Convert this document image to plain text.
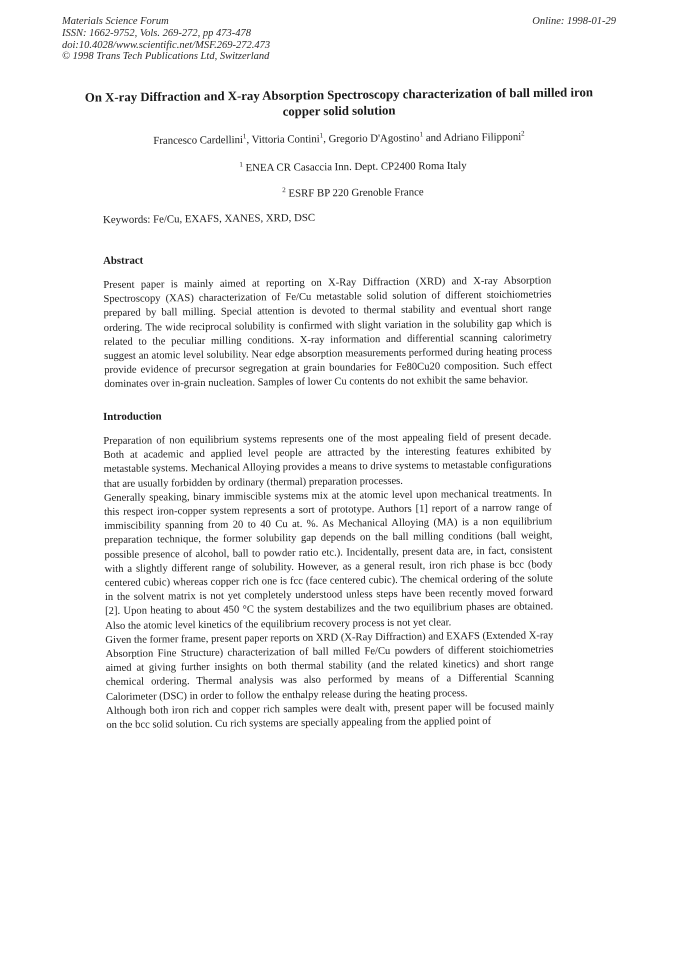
Materials Science Forum
ISSN: 1662-9752, Vols. 269-272, pp 473-478
doi:10.4028/www.scientific.net/MSF.269-272.473
© 1998 Trans Tech Publications Ltd, Switzerland
Online: 1998-01-29
On X-ray Diffraction and X-ray Absorption Spectroscopy characterization of ball milled iron copper solid solution
Francesco Cardellini$^1$, Vittoria Contini$^1$, Gregorio D'Agostino$^1$ and Adriano Filipponi$^2$
$^1$ ENEA CR Casaccia Inn. Dept. CP2400 Roma Italy
$^2$ ESRF BP 220 Grenoble France
Keywords: Fe/Cu, EXAFS, XANES, XRD, DSC
Abstract

Present paper is mainly aimed at reporting on X-Ray Diffraction (XRD) and X-ray Absorption Spectroscopy (XAS) characterization of Fe/Cu metastable solid solution of different stoichiometries prepared by ball milling. Special attention is devoted to thermal stability and eventual short range ordering. The wide reciprocal solubility is confirmed with slight variation in the solubility gap which is related to the peculiar milling conditions. X-ray information and differential scanning calorimetry suggest an atomic level solubility. Near edge absorption measurements performed during heating process provide evidence of precursor segregation at grain boundaries for Fe80Cu20 composition. Such effect dominates over in-grain nucleation. Samples of lower Cu contents do not exhibit the same behavior.

Introduction

Preparation of non equilibrium systems represents one of the most appealing field of present decade. Both at academic and applied level people are attracted by the interesting features exhibited by metastable systems. Mechanical Alloying provides a means to drive systems to metastable configurations that are usually forbidden by ordinary (thermal) preparation processes.

Generally speaking, binary immiscible systems mix at the atomic level upon mechanical treatments. In this respect iron-copper system represents a sort of prototype. Authors [1] report of a narrow range of immiscibility spanning from 20 to 40 Cu at. %. As Mechanical Alloying (MA) is a non equilibrium preparation technique, the former solubility gap depends on the ball milling conditions (ball weight, possible presence of alcohol, ball to powder ratio etc.). Incidentally, present data are, in fact, consistent with a slightly different range of solubility. However, as a general result, iron rich phase is bcc (body centered cubic) whereas copper rich one is fcc (face centered cubic). The chemical ordering of the solute in the solvent matrix is not yet completely understood unless steps have been recently moved forward [2]. Upon heating to about 450 °C the system destabilizes and the two equilibrium phases are obtained. Also the atomic level kinetics of the equilibrium recovery process is not yet clear.

Given the former frame, present paper reports on XRD (X-Ray Diffraction) and EXAFS (Extended X-ray Absorption Fine Structure) characterization of ball milled Fe/Cu powders of different stoichiometries aimed at giving further insights on both thermal stability (and the related kinetics) and short range chemical ordering. Thermal analysis was also performed by means of a Differential Scanning Calorimeter (DSC) in order to follow the enthalpy release during the heating process.

Although both iron rich and copper rich samples were dealt with, present paper will be focused mainly on the bcc solid solution. Cu rich systems are specially appealing from the applied point of
